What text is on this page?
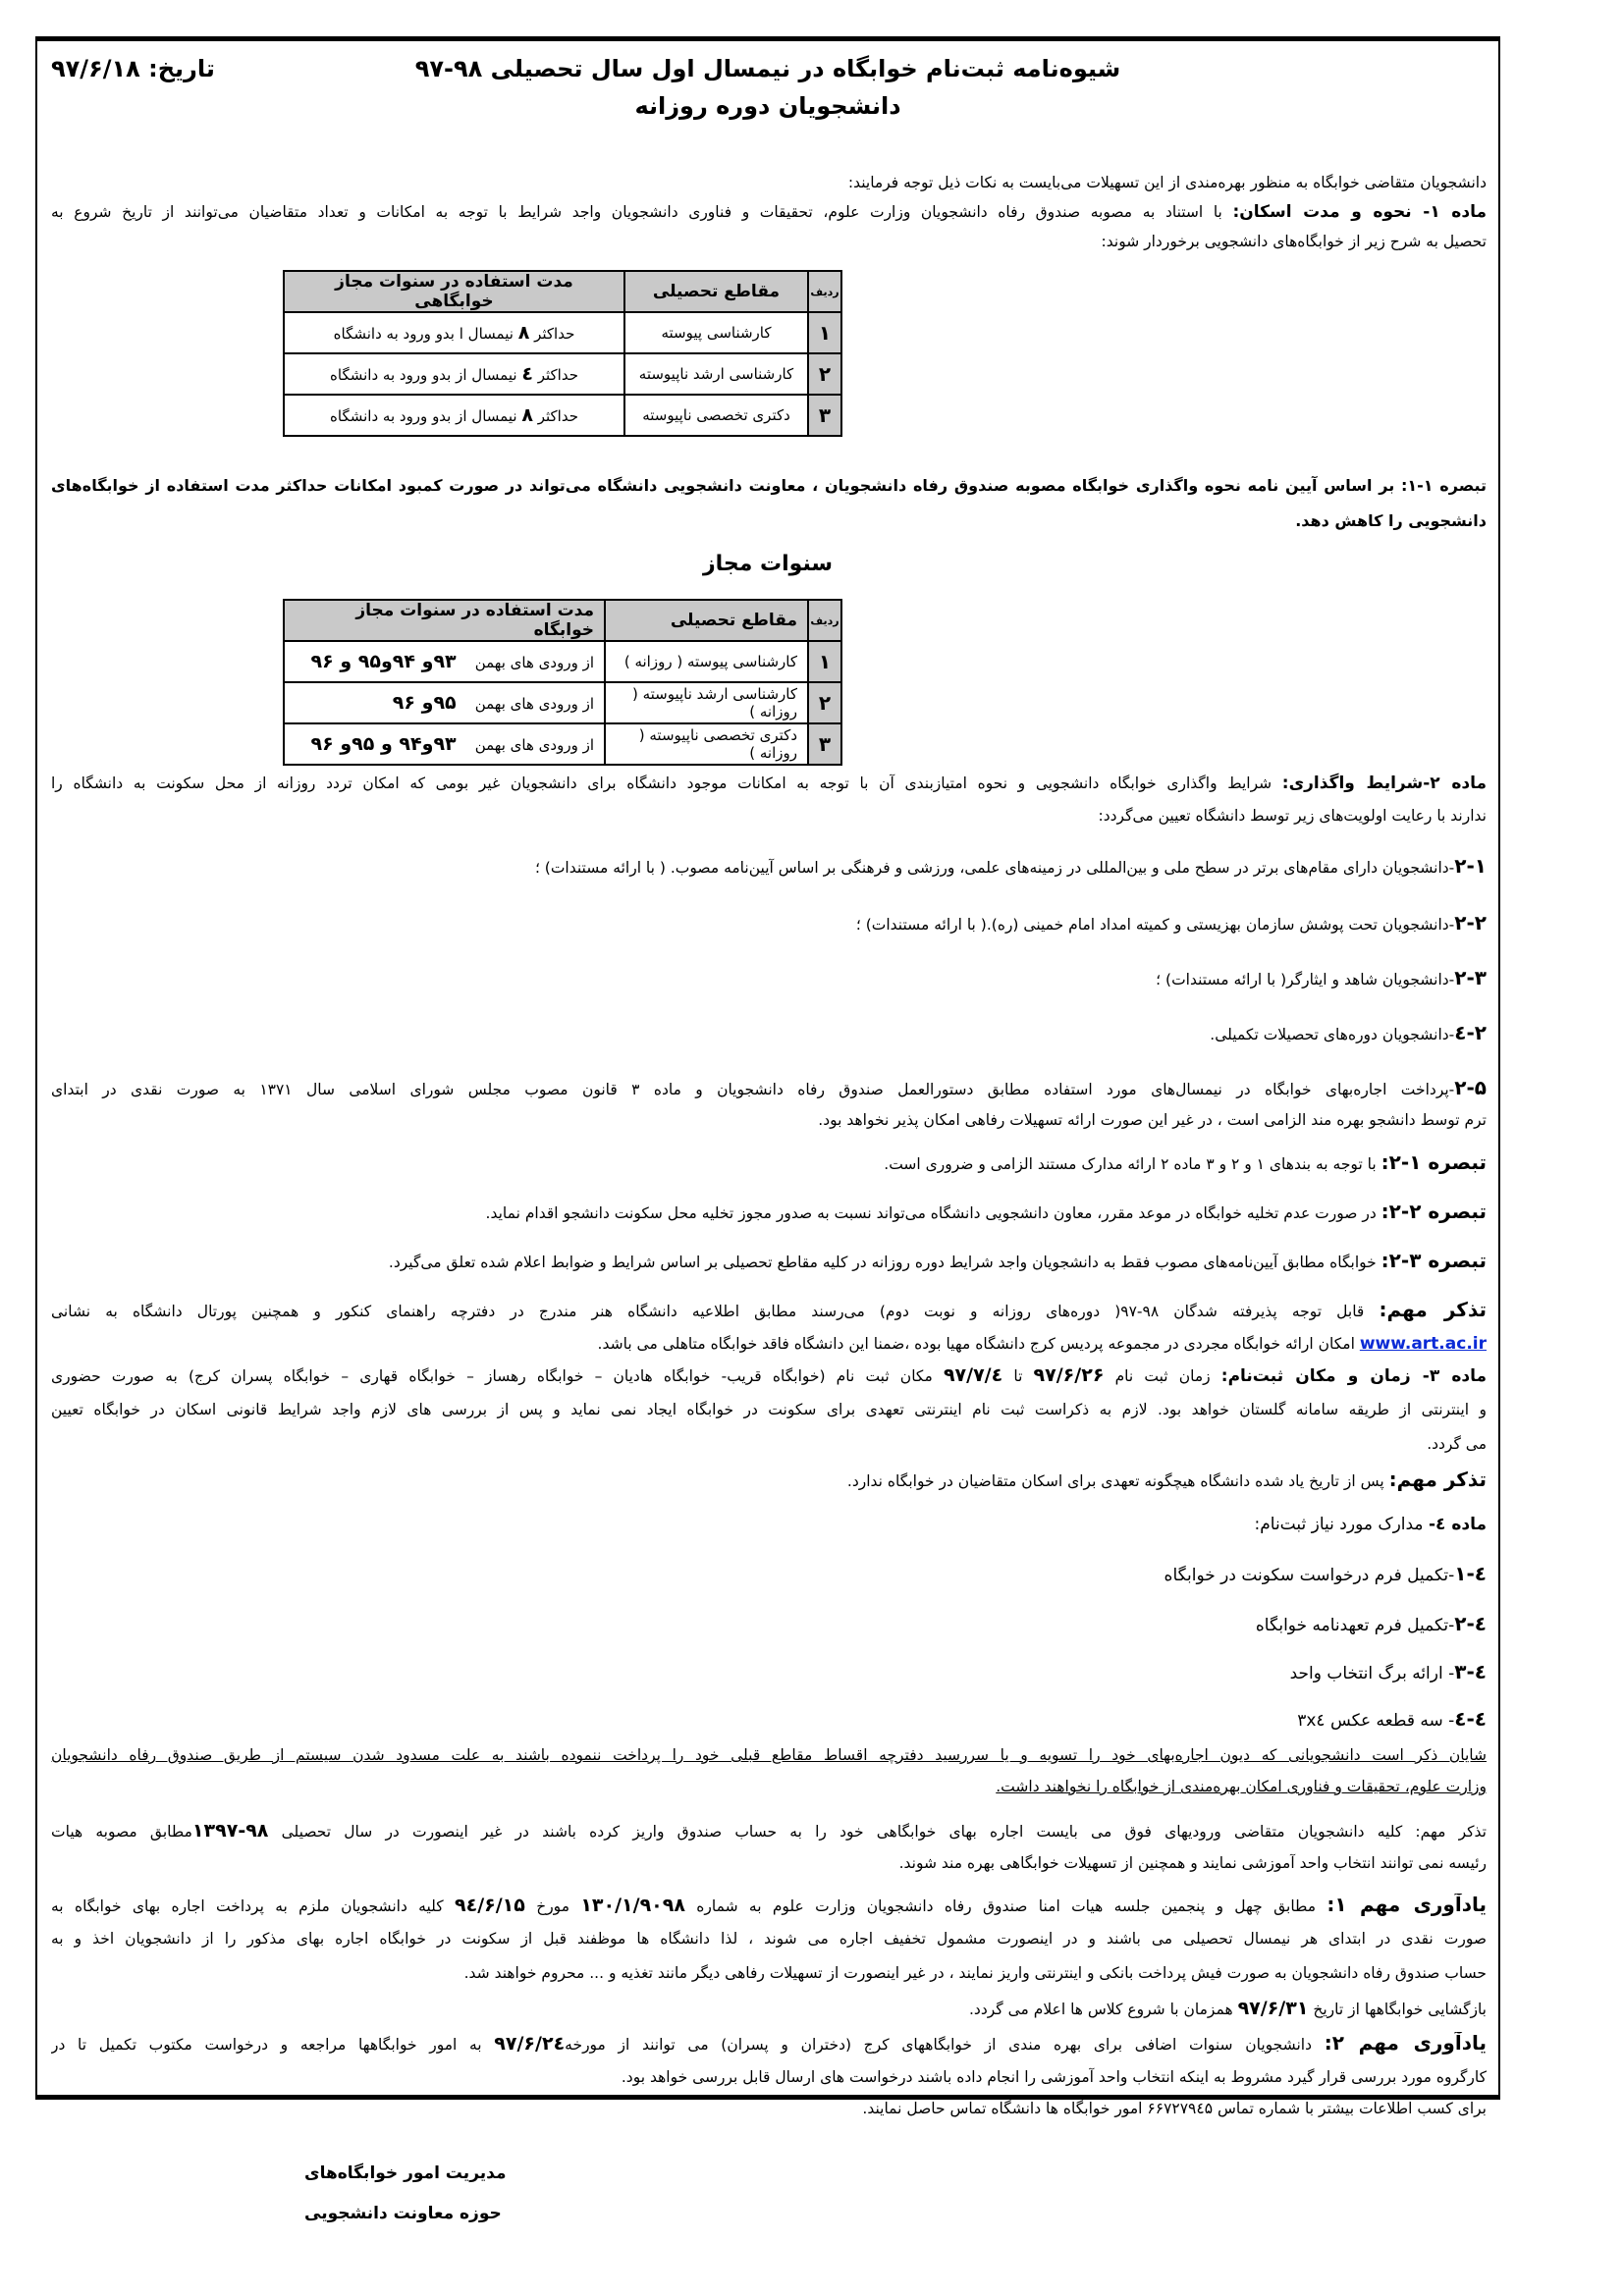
شیوه‌نامه ثبت‌نام خوابگاه در نیمسال اول سال تحصیلی ۹۸-۹۷
دانشجویان دوره روزانه
تاریخ: ۹۷/۶/۱۸
دانشجویان متقاضی خوابگاه به منظور بهره‌مندی از این تسهیلات می‌بایست به نکات ذیل توجه فرمایند:
ماده ۱- نحوه و مدت اسکان: با استناد به مصوبه صندوق رفاه دانشجویان وزارت علوم، تحقیقات و فناوری دانشجویان واجد شرایط با توجه به امکانات و تعداد متقاضیان می‌توانند از تاریخ شروع به
تحصیل به شرح زیر از خوابگاه‌های دانشجویی برخوردار شوند:
ردیف	مقاطع تحصیلی	مدت استفاده در سنوات مجاز خوابگاهی
۱	کارشناسی پیوسته	حداکثر ۸ نیمسال ا بدو ورود به دانشگاه
۲	کارشناسی ارشد ناپیوسته	حداکثر ٤ نیمسال از بدو ورود به دانشگاه
۳	دکتری تخصصی ناپیوسته	حداکثر ۸ نیمسال از بدو ورود به دانشگاه
تبصره ۱-۱: بر اساس آیین نامه نحوه واگذاری خوابگاه مصوبه صندوق رفاه دانشجویان ، معاونت دانشجویی دانشگاه می‌تواند در صورت کمبود امکانات حداکثر مدت استفاده از خوابگاه‌های
دانشجویی را کاهش دهد.
سنوات مجاز
ردیف	مقاطع تحصیلی	مدت استفاده در سنوات مجاز خوابگاه
۱	کارشناسی پیوسته ( روزانه )	از ورودی های بهمن    ۹۳و ۹۴و۹۵ و ۹۶
۲	کارشناسی ارشد ناپیوسته ( روزانه )	از ورودی های بهمن    ۹۵و ۹۶
۳	دکتری تخصصی ناپیوسته ( روزانه )	از ورودی های بهمن    ۹۳و۹۴ و ۹۵و ۹۶
ماده ۲-شرایط واگذاری: شرایط واگذاری خوابگاه دانشجویی و نحوه امتیازبندی آن با توجه به امکانات موجود دانشگاه برای دانشجویان غیر بومی که امکان تردد روزانه از محل سکونت به دانشگاه را
ندارند با رعایت اولویت‌های زیر توسط دانشگاه تعیین می‌گردد:
۲-۱-دانشجویان دارای مقام‌های برتر در سطح ملی و بین‌المللی در زمینه‌های علمی، ورزشی و فرهنگی بر اساس آیین‌نامه مصوب. ( با ارائه مستندات) ؛
۲-۲-دانشجویان تحت پوشش سازمان بهزیستی و کمیته امداد امام خمینی (ره).( با ارائه مستندات) ؛
۲-۳-دانشجویان شاهد و ایثارگر( با ارائه مستندات) ؛
۲-٤-دانشجویان دوره‌های تحصیلات تکمیلی.
۲-۵-پرداخت اجاره‌بهای خوابگاه در نیمسال‌های مورد استفاده مطابق دستورالعمل صندوق رفاه دانشجویان و ماده ۳ قانون مصوب مجلس شورای اسلامی سال ۱۳۷۱ به صورت نقدی در ابتدای
ترم توسط دانشجو بهره مند الزامی است ، در غیر این صورت ارائه تسهیلات رفاهی امکان پذیر نخواهد بود.
تبصره ۱-۲: با توجه به بندهای ۱ و ۲ و ۳ ماده ۲ ارائه مدارک مستند الزامی و ضروری است.
تبصره ۲-۲: در صورت عدم تخلیه خوابگاه در موعد مقرر، معاون دانشجویی دانشگاه می‌تواند نسبت به صدور مجوز تخلیه محل سکونت دانشجو اقدام نماید.
تبصره ۳-۲: خوابگاه مطابق آیین‌نامه‌های مصوب فقط به دانشجویان واجد شرایط دوره روزانه در کلیه مقاطع تحصیلی بر اساس شرایط و ضوابط اعلام شده تعلق می‌گیرد.
تذکر مهم: قابل توجه پذیرفته شدگان ۹۸-۹۷( دوره‌های روزانه و نوبت دوم) می‌رسند مطابق اطلاعیه دانشگاه هنر مندرج در دفترچه راهنمای کنکور و همچنین پورتال دانشگاه به نشانی
www.art.ac.ir امکان ارائه خوابگاه مجردی در مجموعه پردیس کرج دانشگاه مهیا بوده ،ضمنا این دانشگاه فاقد خوابگاه متاهلی می باشد.
ماده ۳- زمان و مکان ثبت‌نام: زمان ثبت نام ۹۷/۶/۲۶ تا ۹۷/۷/٤ مکان ثبت نام (خوابگاه قریب- خوابگاه هادیان – خوابگاه رهساز – خوابگاه قهاری – خوابگاه پسران کرج) به صورت حضوری
و اینترنتی از طریقه سامانه گلستان خواهد بود. لازم به ذکراست ثبت نام اینترنتی تعهدی برای سکونت در خوابگاه ایجاد نمی نماید و پس از بررسی های لازم واجد شرایط قانونی اسکان در خوابگاه تعیین
می گردد.
تذکر مهم: پس از تاریخ یاد شده دانشگاه هیچگونه تعهدی برای اسکان متقاضیان در خوابگاه ندارد.
ماده ٤- مدارک مورد نیاز ثبت‌نام:
٤-۱-تکمیل فرم درخواست سکونت در خوابگاه
٤-۲-تکمیل فرم تعهدنامه خوابگاه
٤-۳- ارائه برگ انتخاب واحد
٤-٤- سه قطعه عکس ۳x٤
شایان ذکر است دانشجویانی که دیون اجاره‌بهای خود را تسویه و یا سررسید دفترچه اقساط مقاطع قبلی خود را پرداخت ننموده باشند به علت مسدود شدن سیستم از طریق صندوق رفاه دانشجویان
وزارت علوم، تحقیقات و فناوری امکان بهره‌مندی از خوابگاه را نخواهند داشت.
تذکر مهم: کلیه دانشجویان متقاضی ورودیهای فوق می بایست اجاره بهای خوابگاهی خود را به حساب صندوق واریز کرده باشند در غیر اینصورت در سال تحصیلی ۹۸-۱۳۹۷مطابق مصوبه هیات
رئیسه نمی توانند انتخاب واحد آموزشی نمایند و همچنین از تسهیلات خوابگاهی بهره مند شوند.
یادآوری مهم ۱: مطابق چهل و پنجمین جلسه هیات امنا صندوق رفاه دانشجویان وزارت علوم به شماره ۱۳۰/۱/۹۰۹۸ مورخ ۹٤/۶/۱۵ کلیه دانشجویان ملزم به پرداخت اجاره بهای خوابگاه به
صورت نقدی در ابتدای هر نیمسال تحصیلی می باشند و در اینصورت مشمول تخفیف اجاره می شوند ، لذا دانشگاه ها موظفند قبل از سکونت در خوابگاه اجاره بهای مذکور را از دانشجویان اخذ و به
حساب صندوق رفاه دانشجویان به صورت فیش پرداخت بانکی و اینترنتی واریز نمایند ، در غیر اینصورت از تسهیلات رفاهی دیگر مانند تغذیه و ... محروم خواهند شد.
بازگشایی خوابگاهها از تاریخ ۹۷/۶/۳۱ همزمان با شروع کلاس ها اعلام می گردد.
یادآوری مهم ۲: دانشجویان سنوات اضافی برای بهره مندی از خوابگاههای کرج (دختران و پسران) می توانند از مورخه۹۷/۶/۲٤ به امور خوابگاهها مراجعه و درخواست مکتوب تکمیل تا در
کارگروه مورد بررسی قرار گیرد مشروط به اینکه انتخاب واحد آموزشی را انجام داده باشند درخواست های ارسال قابل بررسی خواهد بود.
برای کسب اطلاعات بیشتر با شماره تماس ۶۶۷۲۷۹٤۵ امور خوابگاه ها دانشگاه تماس حاصل نمایند.
مدیریت امور خوابگاه‌های
حوزه معاونت دانشجویی
